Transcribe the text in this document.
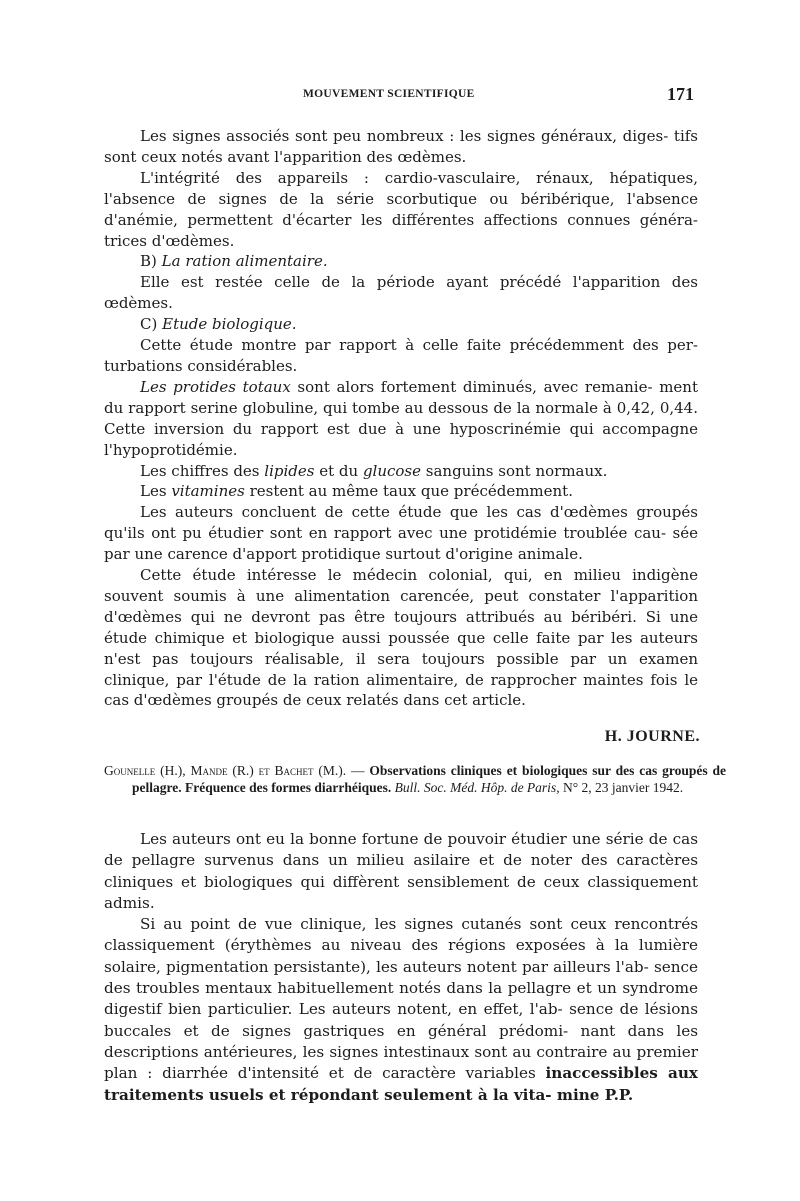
MOUVEMENT SCIENTIFIQUE	171

Les signes associés sont peu nombreux : les signes généraux, diges- tifs sont ceux notés avant l'apparition des œdèmes.

L'intégrité des appareils : cardio-vasculaire, rénaux, hépatiques, l'absence de signes de la série scorbutique ou béribérique, l'absence d'anémie, permettent d'écarter les différentes affections connues généra- trices d'œdèmes.

B) La ration alimentaire.

Elle est restée celle de la période ayant précédé l'apparition des œdèmes.

C) Etude biologique.

Cette étude montre par rapport à celle faite précédemment des per- turbations considérables.

Les protides totaux sont alors fortement diminués, avec remanie- ment du rapport serine globuline, qui tombe au dessous de la normale à 0,42, 0,44. Cette inversion du rapport est due à une hyposcrinémie qui accompagne l'hypoprotidémie.

Les chiffres des lipides et du glucose sanguins sont normaux.

Les vitamines restent au même taux que précédemment.

Les auteurs concluent de cette étude que les cas d'œdèmes groupés qu'ils ont pu étudier sont en rapport avec une protidémie troublée cau- sée par une carence d'apport protidique surtout d'origine animale.

Cette étude intéresse le médecin colonial, qui, en milieu indigène souvent soumis à une alimentation carencée, peut constater l'apparition d'œdèmes qui ne devront pas être toujours attribués au béribéri. Si une étude chimique et biologique aussi poussée que celle faite par les auteurs n'est pas toujours réalisable, il sera toujours possible par un examen clinique, par l'étude de la ration alimentaire, de rapprocher maintes fois le cas d'œdèmes groupés de ceux relatés dans cet article.

H. JOURNE.
Gounelle (H.), Mande (R.) et Bachet (M.). — Observations cliniques et biologiques sur des cas groupés de pellagre. Fréquence des formes diarrhéiques. Bull. Soc. Méd. Hôp. de Paris, N° 2, 23 janvier 1942.

Les auteurs ont eu la bonne fortune de pouvoir étudier une série de cas de pellagre survenus dans un milieu asilaire et de noter des caractères cliniques et biologiques qui diffèrent sensiblement de ceux classiquement admis.

Si au point de vue clinique, les signes cutanés sont ceux rencontrés classiquement (érythèmes au niveau des régions exposées à la lumière solaire, pigmentation persistante), les auteurs notent par ailleurs l'ab- sence des troubles mentaux habituellement notés dans la pellagre et un syndrome digestif bien particulier. Les auteurs notent, en effet, l'ab- sence de lésions buccales et de signes gastriques en général prédomi- nant dans les descriptions antérieures, les signes intestinaux sont au contraire au premier plan : diarrhée d'intensité et de caractère variables inaccessibles aux traitements usuels et répondant seulement à la vita- mine P.P.
